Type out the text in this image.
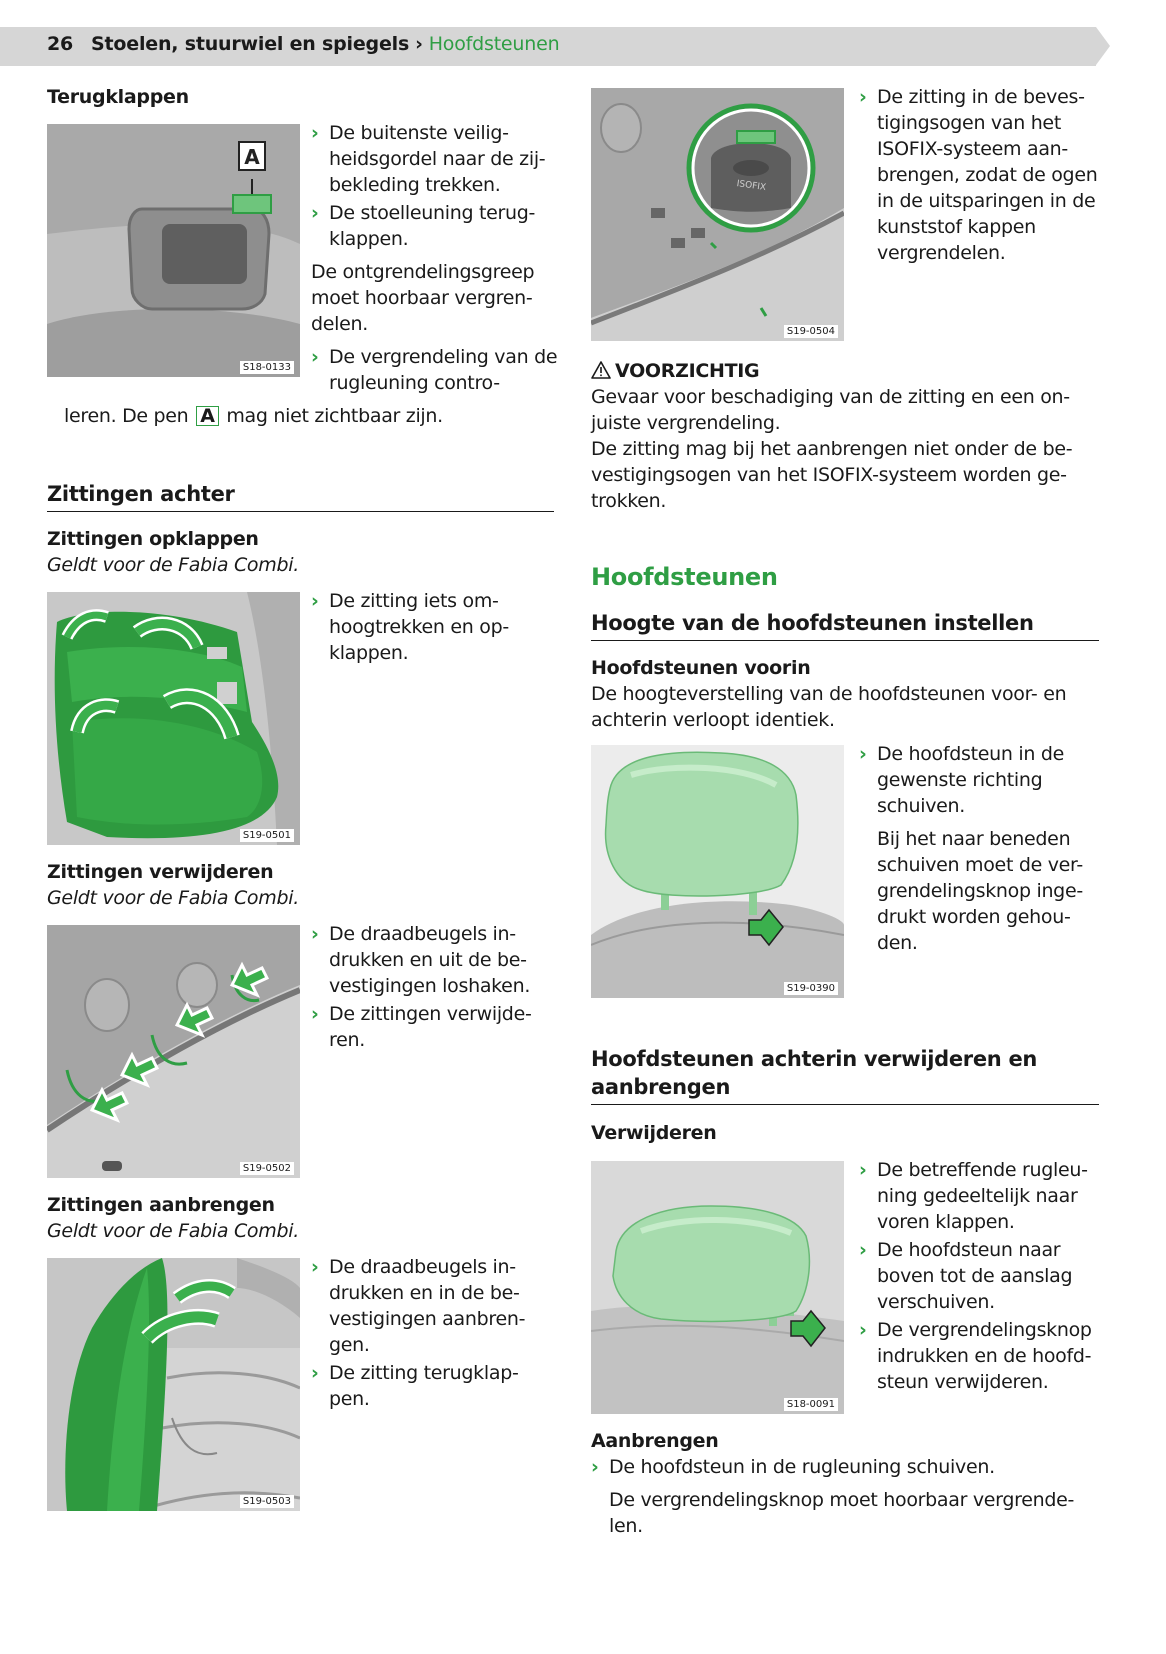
26 Stoelen, stuurwiel en spiegels › Hoofdsteunen
Terugklappen
A
S18-0133
› De buitenste veilig-heidsgordel naar de zij-bekleding trekken.
› De stoelleuning terug-klappen.

De ontgrendelingsgreep moet hoorbaar vergren-delen.

› De vergrendeling van de rugleuning contro-
leren. De pen A mag niet zichtbaar zijn.
Zittingen achter
Zittingen opklappen
Geldt voor de Fabia Combi.
S19-0501
› De zitting iets om-hoogtrekken en op-klappen.
Zittingen verwijderen
Geldt voor de Fabia Combi.
S19-0502
› De draadbeugels in-drukken en uit de be-vestigingen loshaken.
› De zittingen verwijde-ren.
Zittingen aanbrengen
Geldt voor de Fabia Combi.
S19-0503
› De draadbeugels in-drukken en in de be-vestigingen aanbren-gen.
› De zitting terugklap-pen.
ISOFIX
S19-0504
› De zitting in de beves-tigingsogen van het ISOFIX-systeem aan-brengen, zodat de ogen in de uitsparingen in de kunststof kappen vergrendelen.
VOORZICHTIG

Gevaar voor beschadiging van de zitting en een on-juiste vergrendeling.

De zitting mag bij het aanbrengen niet onder de be-vestigingsogen van het ISOFIX-systeem worden ge-trokken.

Hoofdsteunen
Hoogte van de hoofdsteunen instellen
Hoofdsteunen voorin
De hoogteverstelling van de hoofdsteunen voor- en achterin verloopt identiek.
S19-0390
› De hoofdsteun in de gewenste richting schuiven.

Bij het naar beneden schuiven moet de ver-grendelingsknop inge-drukt worden gehou-den.

Hoofdsteunen achterin verwijderen en aanbrengen
Verwijderen
S18-0091
› De betreffende rugleu-ning gedeeltelijk naar voren klappen.
› De hoofdsteun naar boven tot de aanslag verschuiven.
› De vergrendelingsknop indrukken en de hoofd-steun verwijderen.
Aanbrengen
› De hoofdsteun in de rugleuning schuiven.

De vergrendelingsknop moet hoorbaar vergrende-len.
